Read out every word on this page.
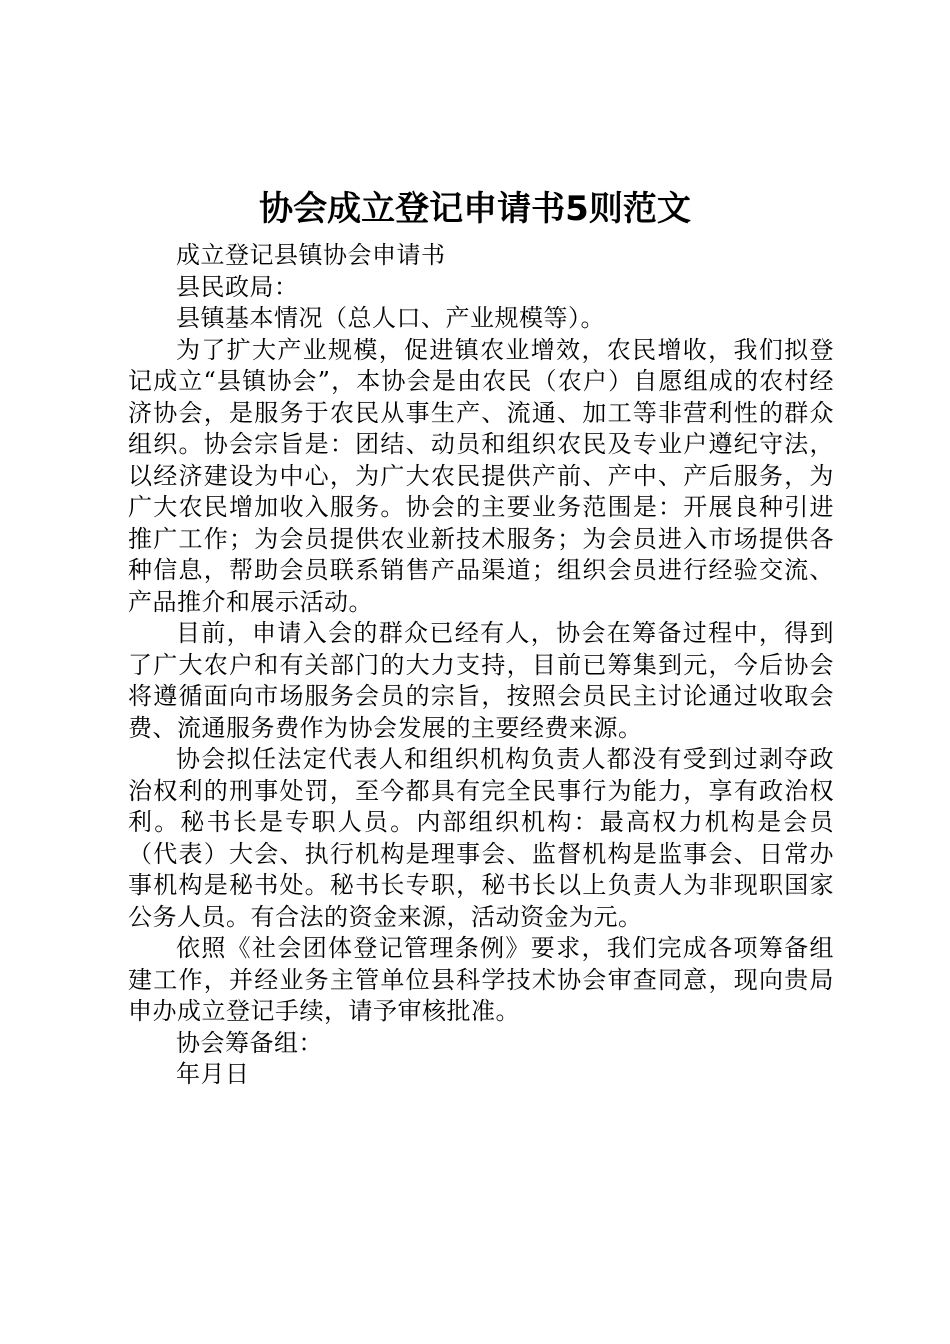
协会成立登记申请书5则范文

成立登记县镇协会申请书

县民政局：

县镇基本情况（总人口、产业规模等）。

为了扩大产业规模，促进镇农业增效，农民增收，我们拟登记成立“县镇协会”，本协会是由农民（农户）自愿组成的农村经济协会，是服务于农民从事生产、流通、加工等非营利性的群众组织。协会宗旨是：团结、动员和组织农民及专业户遵纪守法，以经济建设为中心，为广大农民提供产前、产中、产后服务，为广大农民增加收入服务。协会的主要业务范围是：开展良种引进推广工作；为会员提供农业新技术服务；为会员进入市场提供各种信息，帮助会员联系销售产品渠道；组织会员进行经验交流、产品推介和展示活动。

目前，申请入会的群众已经有人，协会在筹备过程中，得到了广大农户和有关部门的大力支持，目前已筹集到元，今后协会将遵循面向市场服务会员的宗旨，按照会员民主讨论通过收取会费、流通服务费作为协会发展的主要经费来源。

协会拟任法定代表人和组织机构负责人都没有受到过剥夺政治权利的刑事处罚，至今都具有完全民事行为能力，享有政治权利。秘书长是专职人员。内部组织机构：最高权力机构是会员（代表）大会、执行机构是理事会、监督机构是监事会、日常办事机构是秘书处。秘书长专职，秘书长以上负责人为非现职国家公务人员。有合法的资金来源，活动资金为元。

依照《社会团体登记管理条例》要求，我们完成各项筹备组建工作，并经业务主管单位县科学技术协会审查同意，现向贵局申办成立登记手续，请予审核批准。

协会筹备组：

年月日
